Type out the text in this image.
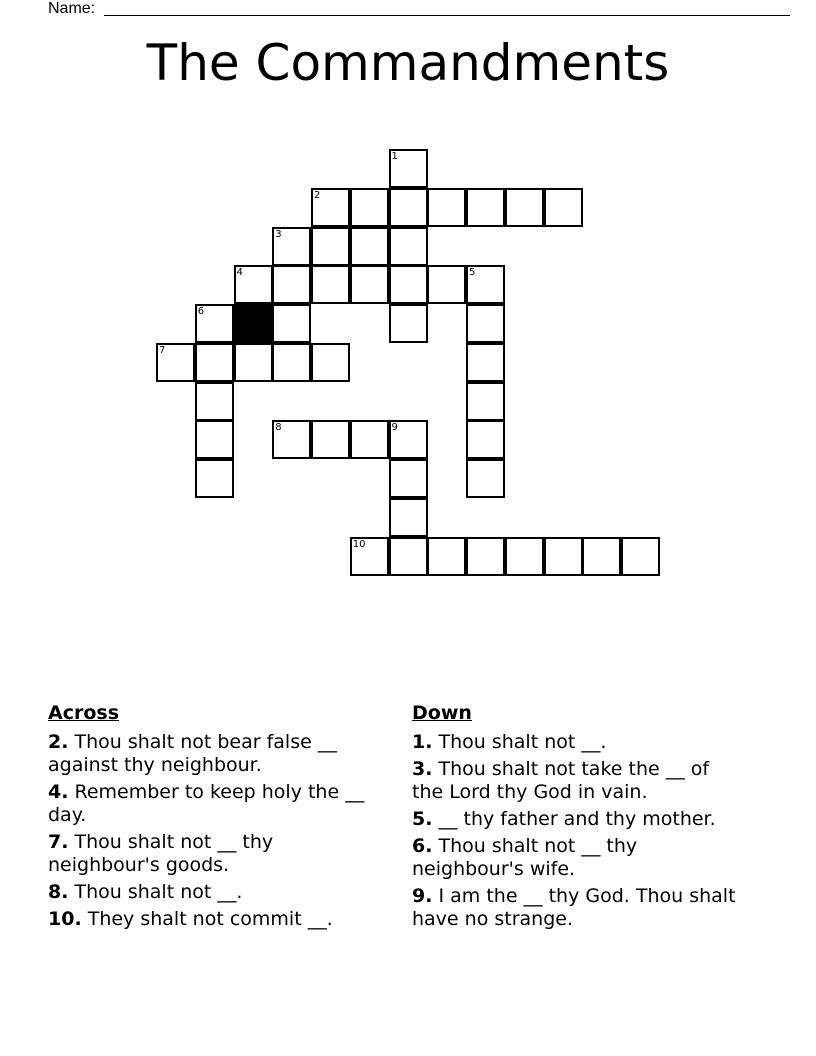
Name:
The Commandments
1
2
3
4	5
6
7
8	9
10
Across
2. Thou shalt not bear false __ against thy neighbour.
4. Remember to keep holy the __ day.
7. Thou shalt not __ thy neighbour's goods.
8. Thou shalt not __.
10. They shalt not commit __.
Down
1. Thou shalt not __.
3. Thou shalt not take the __ of the Lord thy God in vain.
5. __ thy father and thy mother.
6. Thou shalt not __ thy neighbour's wife.
9. I am the __ thy God. Thou shalt have no strange.
